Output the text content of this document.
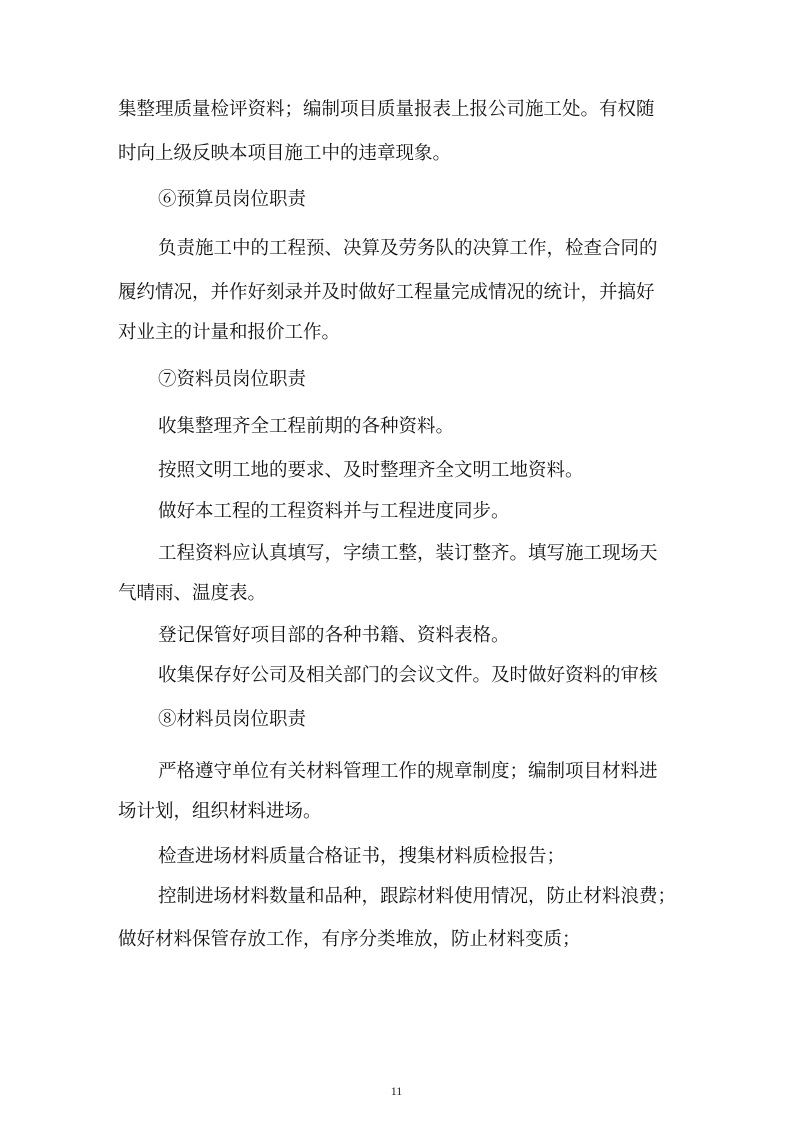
集整理质量检评资料；编制项目质量报表上报公司施工处。有权随
时向上级反映本项目施工中的违章现象。
⑥预算员岗位职责
负责施工中的工程预、决算及劳务队的决算工作，检查合同的
履约情况，并作好刻录并及时做好工程量完成情况的统计，并搞好
对业主的计量和报价工作。
⑦资料员岗位职责
收集整理齐全工程前期的各种资料。
按照文明工地的要求、及时整理齐全文明工地资料。
做好本工程的工程资料并与工程进度同步。
工程资料应认真填写，字绩工整，装订整齐。填写施工现场天
气晴雨、温度表。
登记保管好项目部的各种书籍、资料表格。
收集保存好公司及相关部门的会议文件。及时做好资料的审核
⑧材料员岗位职责
严格遵守单位有关材料管理工作的规章制度；编制项目材料进
场计划，组织材料进场。
检查进场材料质量合格证书，搜集材料质检报告；
控制进场材料数量和品种，跟踪材料使用情况，防止材料浪费；
做好材料保管存放工作，有序分类堆放，防止材料变质；
11
